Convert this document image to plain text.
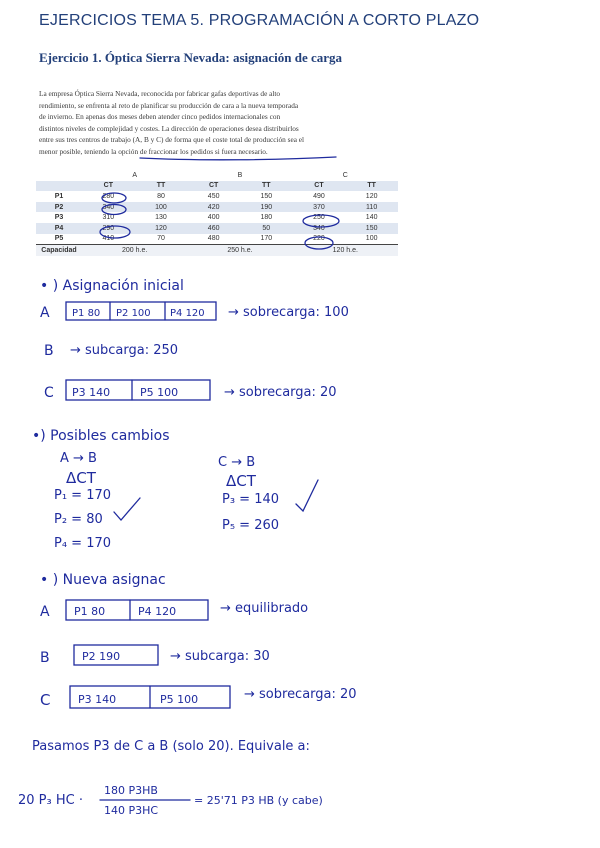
EJERCICIOS TEMA 5. PROGRAMACIÓN A CORTO PLAZO
Ejercicio 1. Óptica Sierra Nevada: asignación de carga
La empresa Óptica Sierra Nevada, reconocida por fabricar gafas deportivas de alto
rendimiento, se enfrenta al reto de planificar su producción de cara a la nueva temporada
de invierno. En apenas dos meses deben atender cinco pedidos internacionales con
distintos niveles de complejidad y costes. La dirección de operaciones desea distribuirlos
entre sus tres centros de trabajo (A, B y C) de forma que el coste total de producción sea el
menor posible, teniendo la opción de fraccionar los pedidos si fuera necesario.
	A		B		C	
	CT	TT	CT	TT	CT	TT
P1	280	80	450	150	490	120
P2	340	100	420	190	370	110
P3	310	130	400	180	250	140
P4	290	120	460	50	340	150
P5	410	70	480	170	220	100
Capacidad	200 h.e.		250 h.e.		120 h.e.	
• ) Asignación inicial
A P1 80 P2 100 P4 120 → sobrecarga: 100
B → subcarga: 250
C P3 140	P5 100	→ sobrecarga: 20
•) Posibles cambios
A → B
ΔCT
P₁ = 170
P₂ = 80
P₄ = 170
C → B
ΔCT
P₃ = 140
P₅ = 260
• ) Nueva asignac
A P1 80	P4 120	→ equilibrado
B	P2 190	→ subcarga: 30
C	P3 140	P5 100	→ sobrecarga: 20
Pasamos P3 de C a B (solo 20). Equivale a:
20 P₃ HC ·
180 P3HB
140 P3HC
= 25'71 P3 HB (y cabe)
